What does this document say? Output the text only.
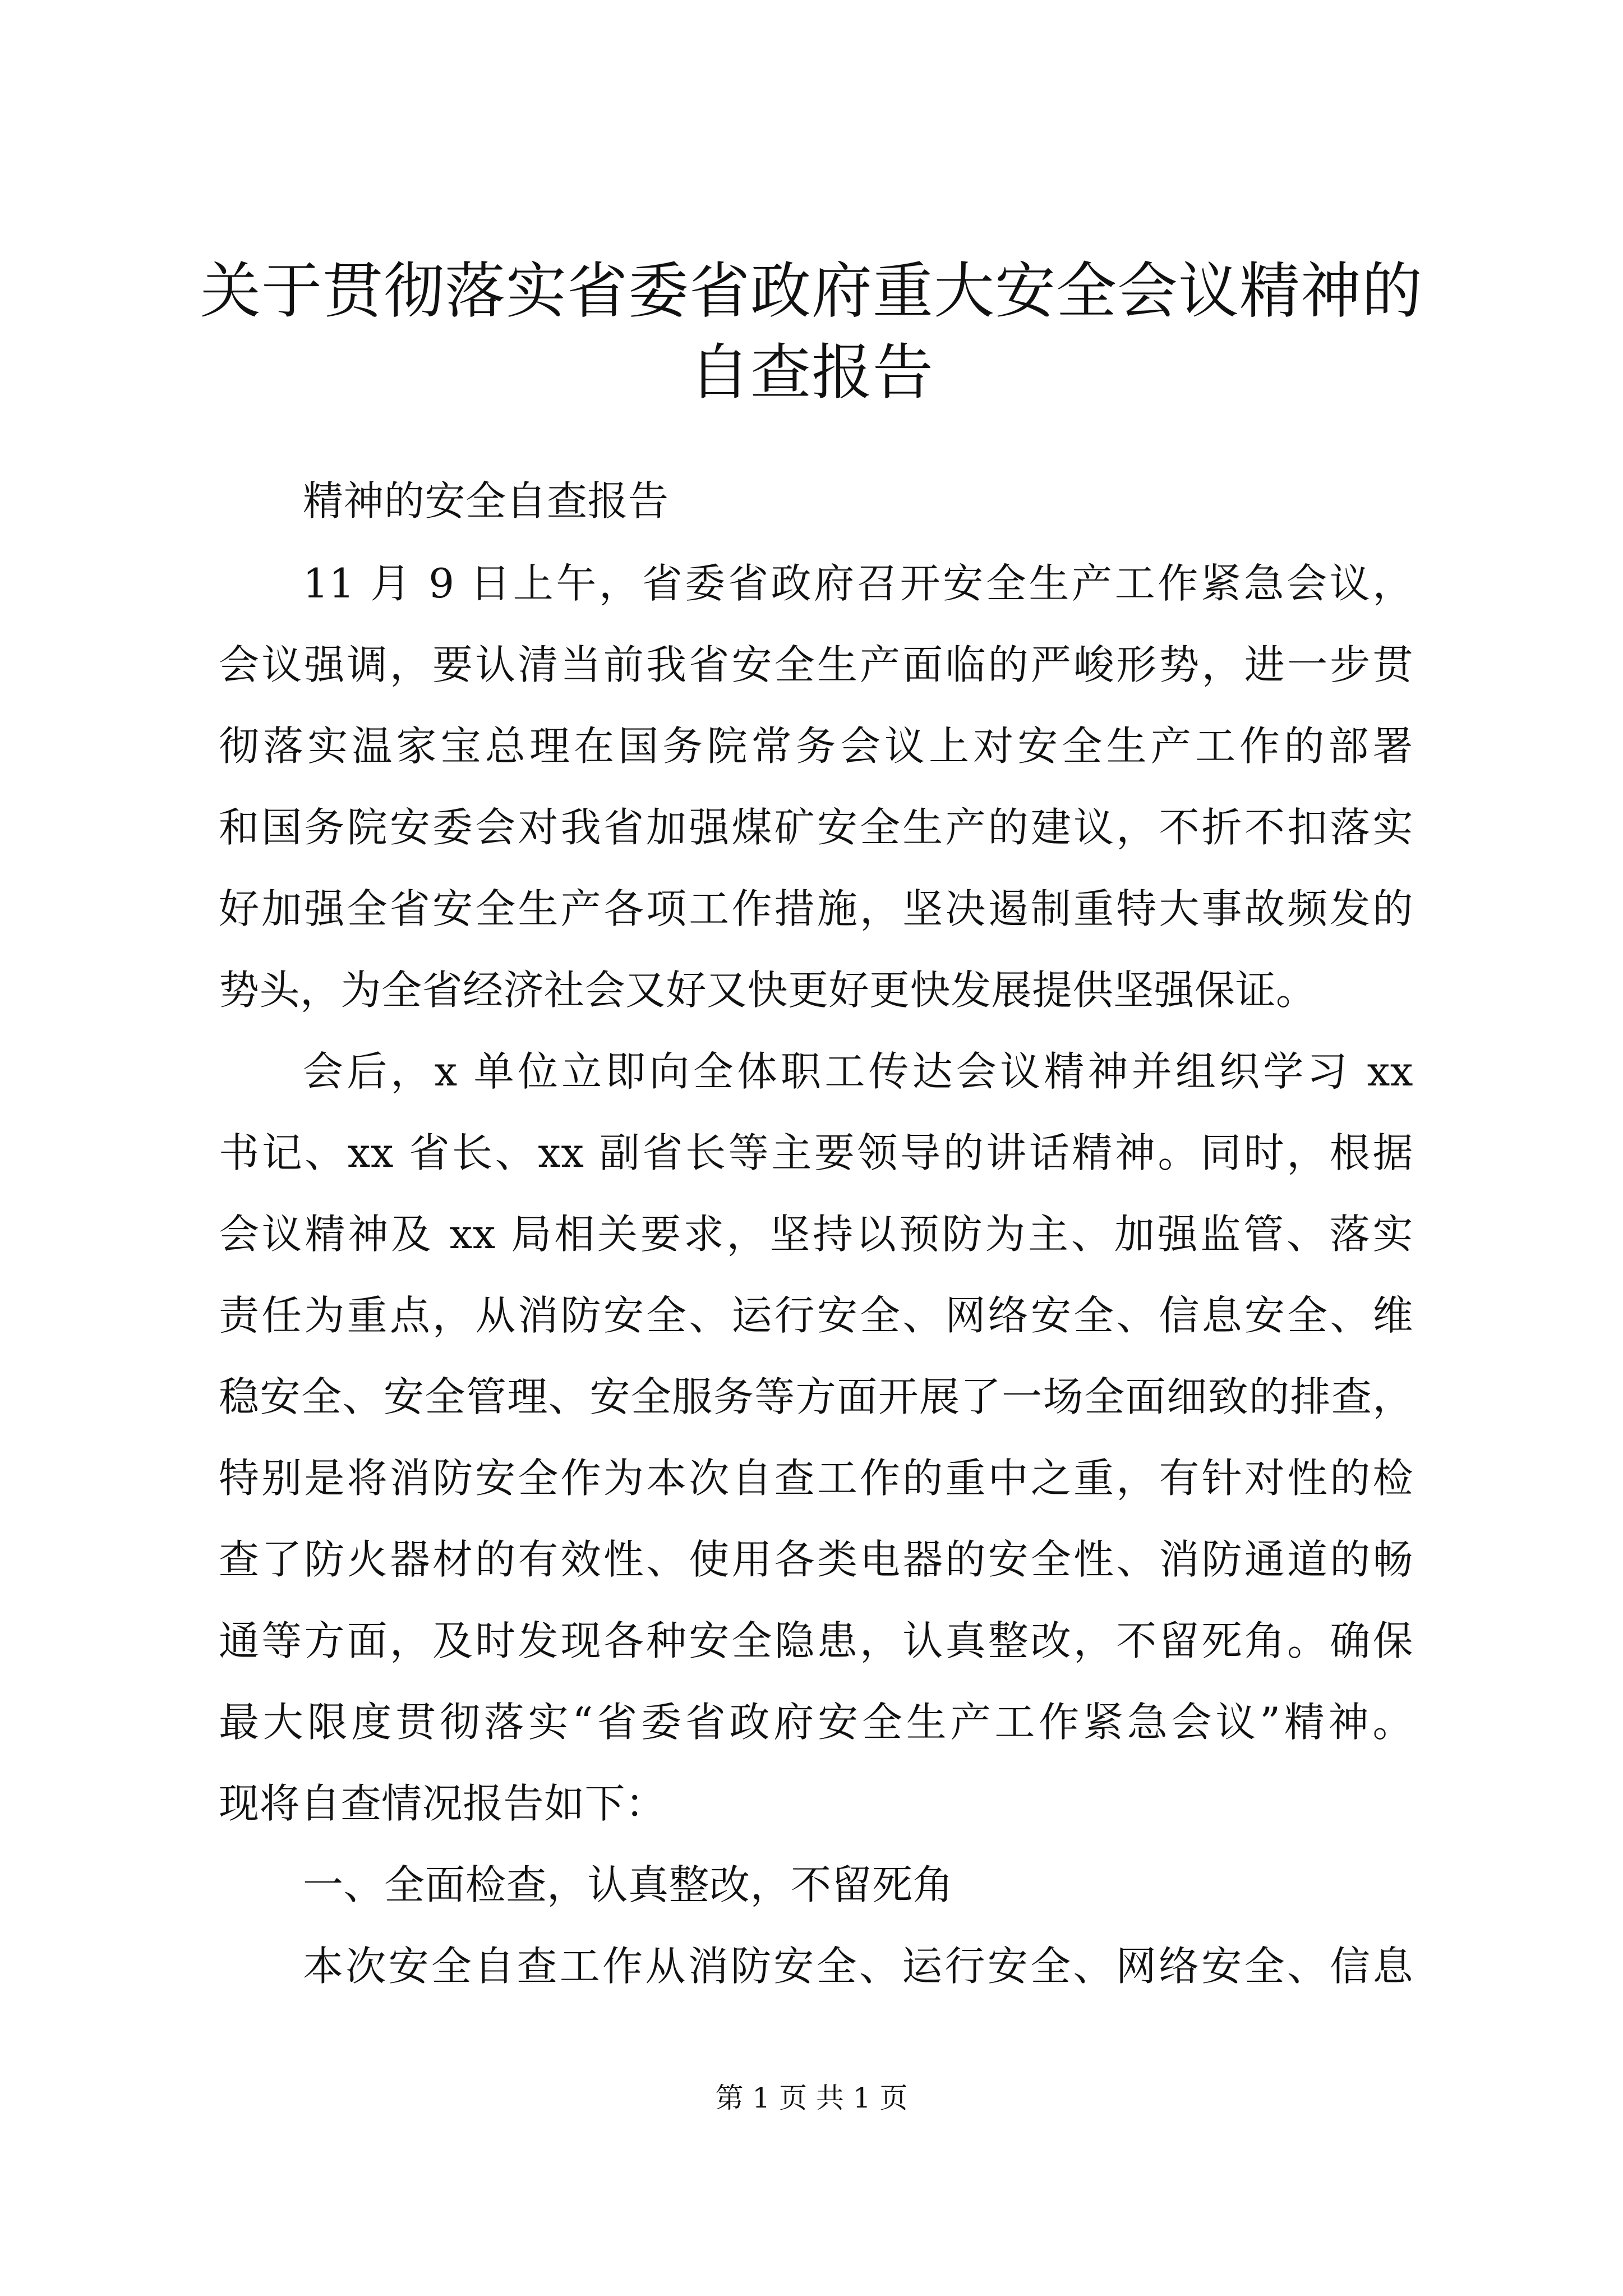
关于贯彻落实省委省政府重大安全会议精神的
自查报告
精神的安全自查报告
11 月 9 日上午，省委省政府召开安全生产工作紧急会议，
会议强调，要认清当前我省安全生产面临的严峻形势，进一步贯
彻落实温家宝总理在国务院常务会议上对安全生产工作的部署
和国务院安委会对我省加强煤矿安全生产的建议，不折不扣落实
好加强全省安全生产各项工作措施，坚决遏制重特大事故频发的
势头，为全省经济社会又好又快更好更快发展提供坚强保证。
会后，x 单位立即向全体职工传达会议精神并组织学习 xx
书记、xx 省长、xx 副省长等主要领导的讲话精神。同时，根据
会议精神及 xx 局相关要求，坚持以预防为主、加强监管、落实
责任为重点，从消防安全、运行安全、网络安全、信息安全、维
稳安全、安全管理、安全服务等方面开展了一场全面细致的排查，
特别是将消防安全作为本次自查工作的重中之重，有针对性的检
查了防火器材的有效性、使用各类电器的安全性、消防通道的畅
通等方面，及时发现各种安全隐患，认真整改，不留死角。确保
最大限度贯彻落实“省委省政府安全生产工作紧急会议”精神。
现将自查情况报告如下：
一、全面检查，认真整改，不留死角
本次安全自查工作从消防安全、运行安全、网络安全、信息
第 1 页 共 1 页
